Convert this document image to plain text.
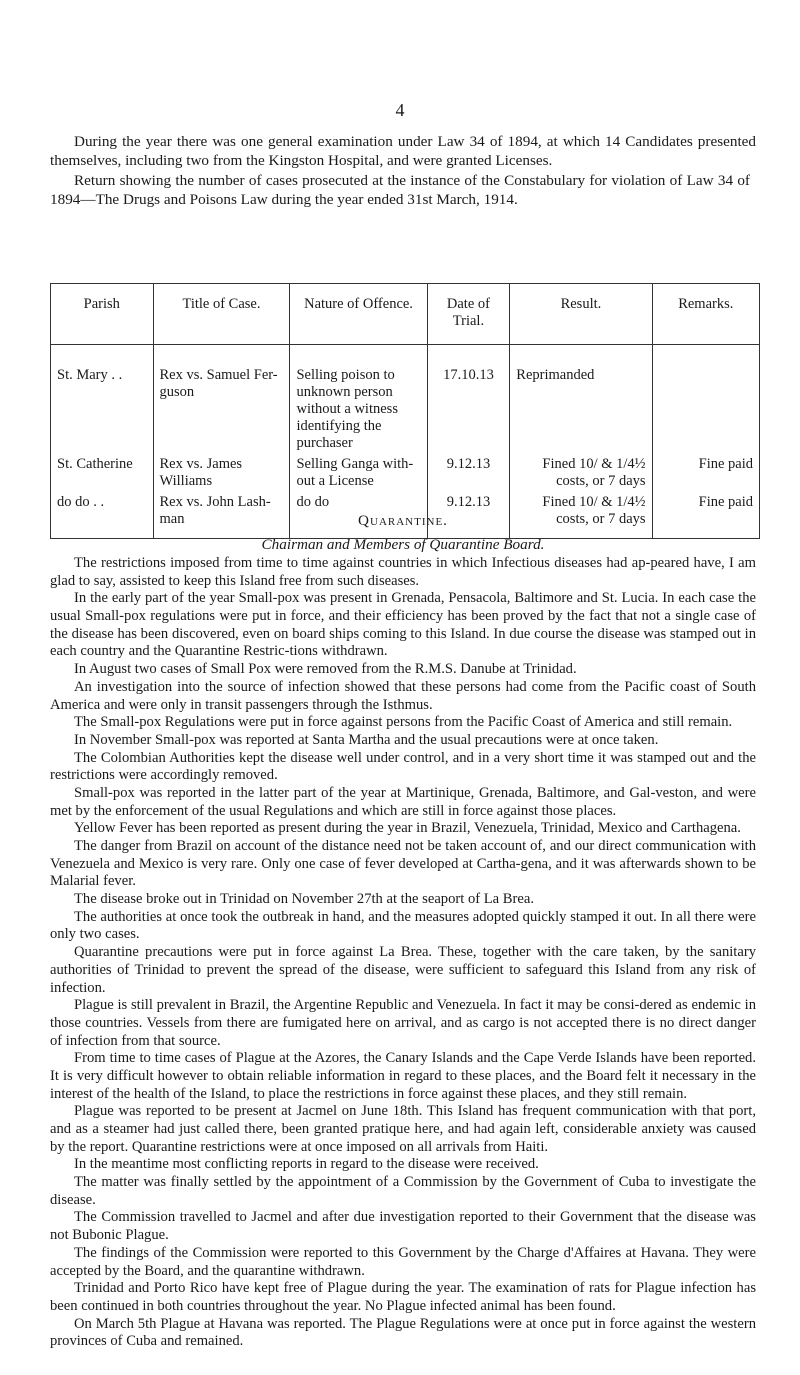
4
During the year there was one general examination under Law 34 of 1894, at which 14 Candidates presented themselves, including two from the Kingston Hospital, and were granted Licenses.
Return showing the number of cases prosecuted at the instance of the Constabulary for violation of Law 34 of 1894—The Drugs and Poisons Law during the year ended 31st March, 1914.
Parish	Title of Case.	Nature of Offence.	Date of Trial.	Result.	Remarks.
St. Mary . .	Rex vs. Samuel Fer-guson	Selling poison to unknown person without a witness identifying the purchaser	17.10.13	Reprimanded	
St. Catherine	Rex vs. James Williams	Selling Ganga with-out a License	9.12.13	Fined 10/ & 1/4½ costs, or 7 days	Fine paid
do do . .	Rex vs. John Lash-man	do do	9.12.13	Fined 10/ & 1/4½ costs, or 7 days	Fine paid
Quarantine.
Chairman and Members of Quarantine Board.

The restrictions imposed from time to time against countries in which Infectious diseases had ap-peared have, I am glad to say, assisted to keep this Island free from such diseases.

In the early part of the year Small-pox was present in Grenada, Pensacola, Baltimore and St. Lucia. In each case the usual Small-pox regulations were put in force, and their efficiency has been proved by the fact that not a single case of the disease has been discovered, even on board ships coming to this Island. In due course the disease was stamped out in each country and the Quarantine Restric-tions withdrawn.

In August two cases of Small Pox were removed from the R.M.S. Danube at Trinidad.

An investigation into the source of infection showed that these persons had come from the Pacific coast of South America and were only in transit passengers through the Isthmus.

The Small-pox Regulations were put in force against persons from the Pacific Coast of America and still remain.

In November Small-pox was reported at Santa Martha and the usual precautions were at once taken.

The Colombian Authorities kept the disease well under control, and in a very short time it was stamped out and the restrictions were accordingly removed.

Small-pox was reported in the latter part of the year at Martinique, Grenada, Baltimore, and Gal-veston, and were met by the enforcement of the usual Regulations and which are still in force against those places.

Yellow Fever has been reported as present during the year in Brazil, Venezuela, Trinidad, Mexico and Carthagena.

The danger from Brazil on account of the distance need not be taken account of, and our direct communication with Venezuela and Mexico is very rare. Only one case of fever developed at Cartha-gena, and it was afterwards shown to be Malarial fever.

The disease broke out in Trinidad on November 27th at the seaport of La Brea.

The authorities at once took the outbreak in hand, and the measures adopted quickly stamped it out. In all there were only two cases.

Quarantine precautions were put in force against La Brea. These, together with the care taken, by the sanitary authorities of Trinidad to prevent the spread of the disease, were sufficient to safeguard this Island from any risk of infection.

Plague is still prevalent in Brazil, the Argentine Republic and Venezuela. In fact it may be consi-dered as endemic in those countries. Vessels from there are fumigated here on arrival, and as cargo is not accepted there is no direct danger of infection from that source.

From time to time cases of Plague at the Azores, the Canary Islands and the Cape Verde Islands have been reported. It is very difficult however to obtain reliable information in regard to these places, and the Board felt it necessary in the interest of the health of the Island, to place the restrictions in force against these places, and they still remain.

Plague was reported to be present at Jacmel on June 18th. This Island has frequent communication with that port, and as a steamer had just called there, been granted pratique here, and had again left, considerable anxiety was caused by the report. Quarantine restrictions were at once imposed on all arrivals from Haiti.

In the meantime most conflicting reports in regard to the disease were received.

The matter was finally settled by the appointment of a Commission by the Government of Cuba to investigate the disease.

The Commission travelled to Jacmel and after due investigation reported to their Government that the disease was not Bubonic Plague.

The findings of the Commission were reported to this Government by the Charge d'Affaires at Havana. They were accepted by the Board, and the quarantine withdrawn.

Trinidad and Porto Rico have kept free of Plague during the year. The examination of rats for Plague infection has been continued in both countries throughout the year. No Plague infected animal has been found.

On March 5th Plague at Havana was reported. The Plague Regulations were at once put in force against the western provinces of Cuba and remained.
